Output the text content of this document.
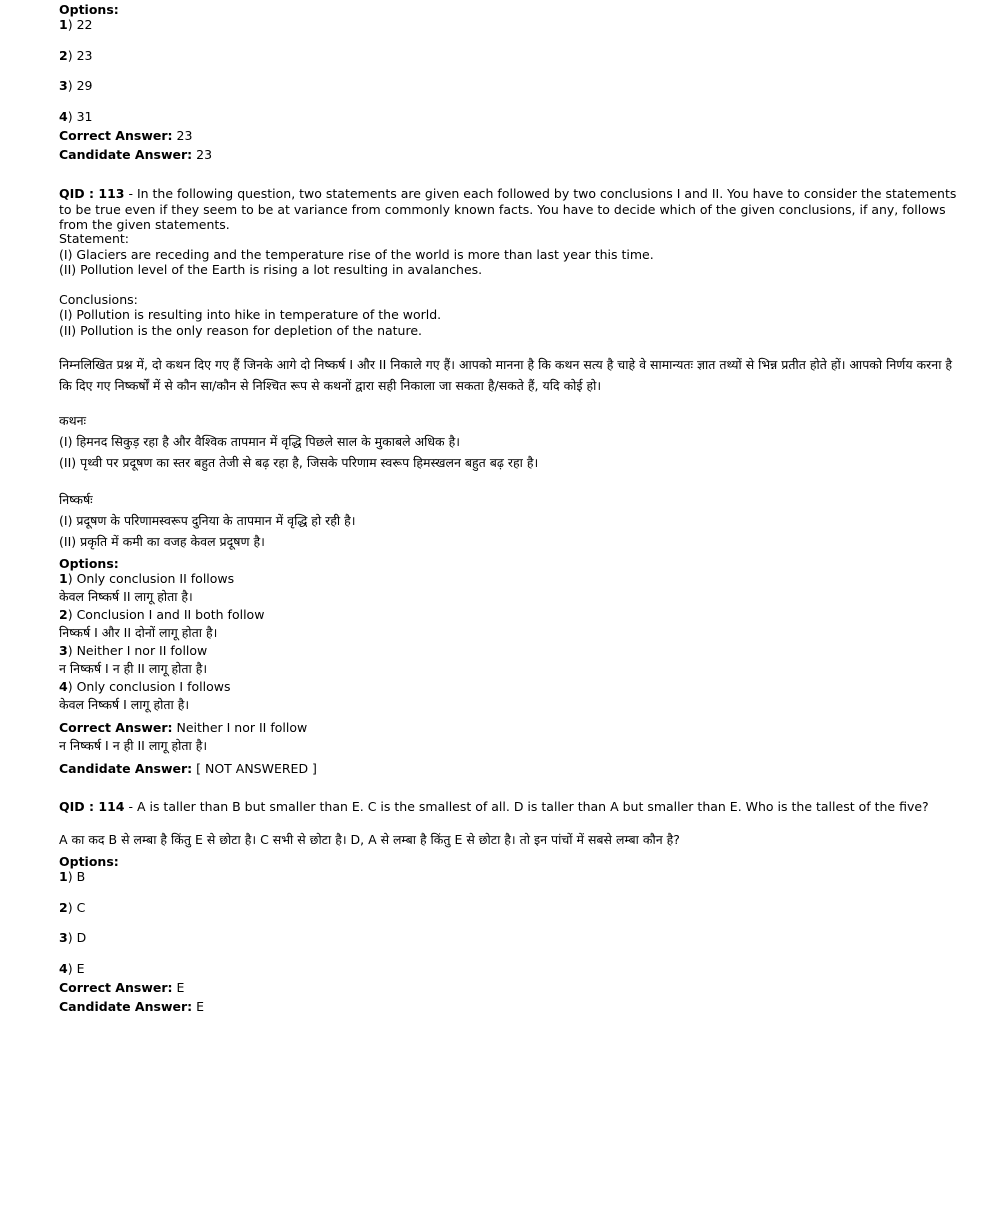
Options:
1) 22
2) 23
3) 29
4) 31
Correct Answer: 23
Candidate Answer: 23
QID : 113 - In the following question, two statements are given each followed by two conclusions I and II. You have to consider the statements to be true even if they seem to be at variance from commonly known facts. You have to decide which of the given conclusions, if any, follows from the given statements.
Statement:
(I) Glaciers are receding and the temperature rise of the world is more than last year this time.
(II) Pollution level of the Earth is rising a lot resulting in avalanches.
Conclusions:
(I) Pollution is resulting into hike in temperature of the world.
(II) Pollution is the only reason for depletion of the nature.
निम्नलिखित प्रश्न में, दो कथन दिए गए हैं जिनके आगे दो निष्कर्ष I और II निकाले गए हैं। आपको मानना है कि कथन सत्य है चाहे वे सामान्यतः ज्ञात तथ्यों से भिन्न प्रतीत होते हों। आपको निर्णय करना है कि दिए गए निष्कर्षों में से कौन सा/कौन से निश्चित रूप से कथनों द्वारा सही निकाला जा सकता है/सकते हैं, यदि कोई हो।
कथनः
(I) हिमनद सिकुड़ रहा है और वैश्विक तापमान में वृद्धि पिछले साल के मुकाबले अधिक है।
(II) पृथ्वी पर प्रदूषण का स्तर बहुत तेजी से बढ़ रहा है, जिसके परिणाम स्वरूप हिमस्खलन बहुत बढ़ रहा है।
निष्कर्षः
(I) प्रदूषण के परिणामस्वरूप दुनिया के तापमान में वृद्धि हो रही है।
(II) प्रकृति में कमी का वजह केवल प्रदूषण है।
Options:
1) Only conclusion II follows
केवल निष्कर्ष II लागू होता है।
2) Conclusion I and II both follow
निष्कर्ष I और II दोनों लागू होता है।
3) Neither I nor II follow
न निष्कर्ष I न ही II लागू होता है।
4) Only conclusion I follows
केवल निष्कर्ष I लागू होता है।
Correct Answer: Neither I nor II follow
न निष्कर्ष I न ही II लागू होता है।
Candidate Answer: [ NOT ANSWERED ]
QID : 114 - A is taller than B but smaller than E. C is the smallest of all. D is taller than A but smaller than E. Who is the tallest of the five?
A का कद B से लम्बा है किंतु E से छोटा है। C सभी से छोटा है। D, A से लम्बा है किंतु E से छोटा है। तो इन पांचों में सबसे लम्बा कौन है?
Options:
1) B
2) C
3) D
4) E
Correct Answer: E
Candidate Answer: E
